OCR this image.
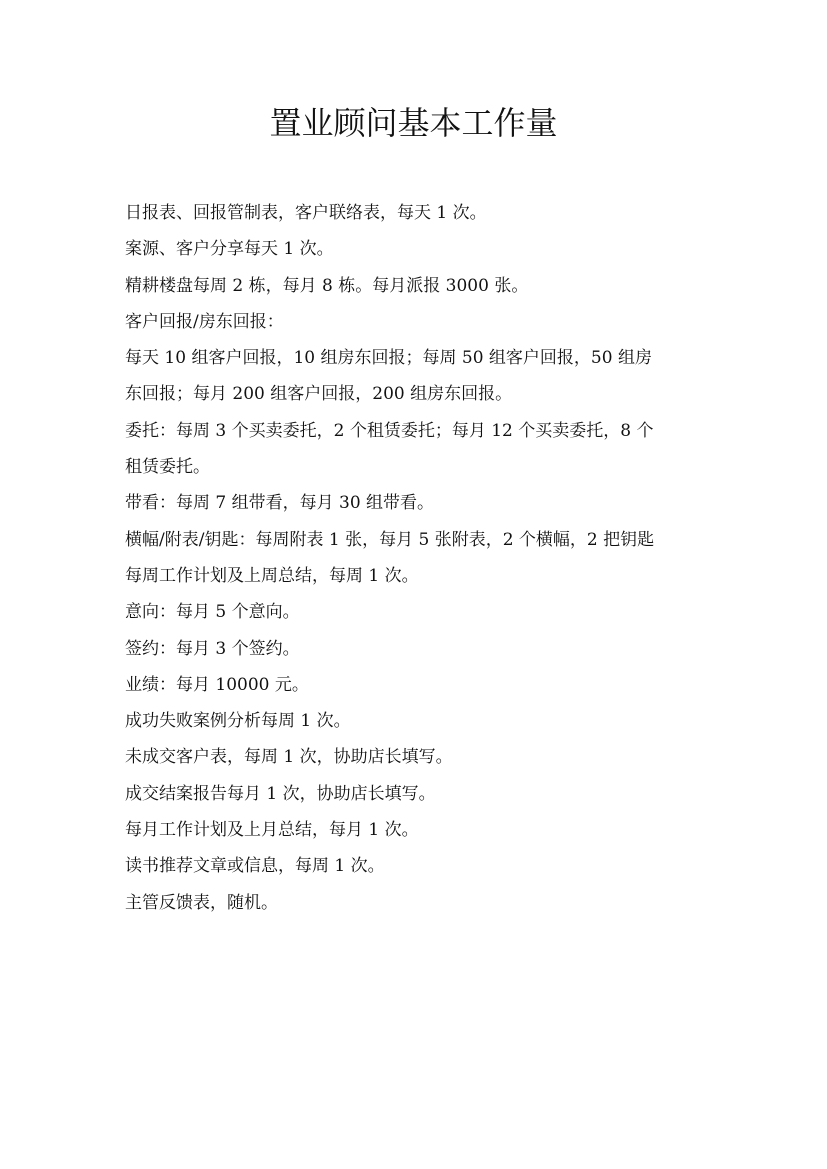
置业顾问基本工作量
日报表、回报管制表，客户联络表，每天 1 次。
案源、客户分享每天 1 次。
精耕楼盘每周 2 栋，每月 8 栋。每月派报 3000 张。
客户回报/房东回报：
每天 10 组客户回报，10 组房东回报；每周 50 组客户回报，50 组房
东回报；每月 200 组客户回报，200 组房东回报。
委托：每周 3 个买卖委托，2 个租赁委托；每月 12 个买卖委托，8 个
租赁委托。
带看：每周 7 组带看，每月 30 组带看。
横幅/附表/钥匙：每周附表 1 张，每月 5 张附表，2 个横幅，2 把钥匙
每周工作计划及上周总结，每周 1 次。
意向：每月 5 个意向。
签约：每月 3 个签约。
业绩：每月 10000 元。
成功失败案例分析每周 1 次。
未成交客户表，每周 1 次，协助店长填写。
成交结案报告每月 1 次，协助店长填写。
每月工作计划及上月总结，每月 1 次。
读书推荐文章或信息，每周 1 次。
主管反馈表，随机。
